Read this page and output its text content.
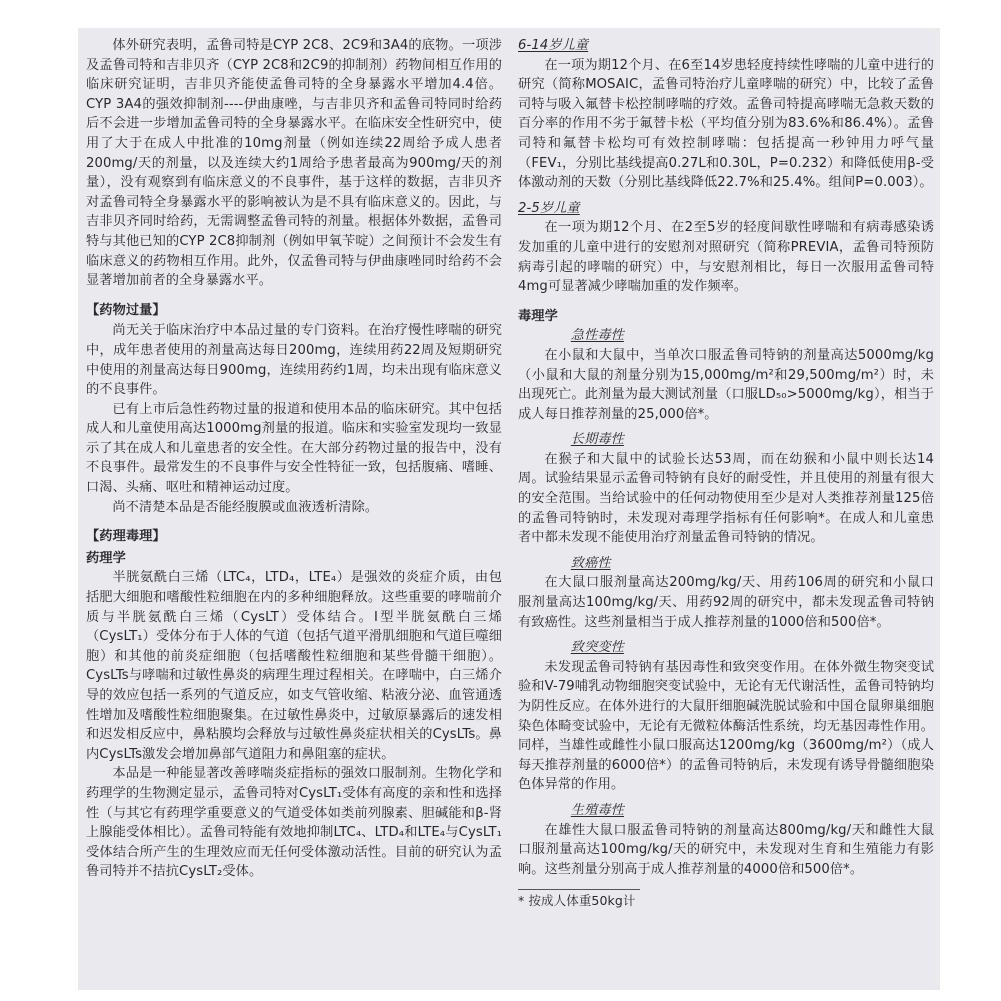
体外研究表明，孟鲁司特是CYP 2C8、2C9和3A4的底物。一项涉及孟鲁司特和吉非贝齐（CYP 2C8和2C9的抑制剂）药物间相互作用的临床研究证明，吉非贝齐能使孟鲁司特的全身暴露水平增加4.4倍。CYP 3A4的强效抑制剂----伊曲康唑，与吉非贝齐和孟鲁司特同时给药后不会进一步增加孟鲁司特的全身暴露水平。在临床安全性研究中，使用了大于在成人中批准的10mg剂量（例如连续22周给予成人患者200mg/天的剂量，以及连续大约1周给予患者最高为900mg/天的剂量），没有观察到有临床意义的不良事件，基于这样的数据，吉非贝齐对孟鲁司特全身暴露水平的影响被认为是不具有临床意义的。因此，与吉非贝齐同时给药，无需调整孟鲁司特的剂量。根据体外数据，孟鲁司特与其他已知的CYP 2C8抑制剂（例如甲氧苄啶）之间预计不会发生有临床意义的药物相互作用。此外，仅孟鲁司特与伊曲康唑同时给药不会显著增加前者的全身暴露水平。

【药物过量】

尚无关于临床治疗中本品过量的专门资料。在治疗慢性哮喘的研究中，成年患者使用的剂量高达每日200mg，连续用药22周及短期研究中使用的剂量高达每日900mg，连续用药约1周，均未出现有临床意义的不良事件。

已有上市后急性药物过量的报道和使用本品的临床研究。其中包括成人和儿童使用高达1000mg剂量的报道。临床和实验室发现均一致显示了其在成人和儿童患者的安全性。在大部分药物过量的报告中，没有不良事件。最常发生的不良事件与安全性特征一致，包括腹痛、嗜睡、口渴、头痛、呕吐和精神运动过度。

尚不清楚本品是否能经腹膜或血液透析清除。

【药理毒理】
药理学

半胱氨酰白三烯（LTC₄，LTD₄，LTE₄）是强效的炎症介质，由包括肥大细胞和嗜酸性粒细胞在内的多种细胞释放。这些重要的哮喘前介质与半胱氨酰白三烯（CysLT）受体结合。I型半胱氨酰白三烯（CysLT₁）受体分布于人体的气道（包括气道平滑肌细胞和气道巨噬细胞）和其他的前炎症细胞（包括嗜酸性粒细胞和某些骨髓干细胞）。CysLTs与哮喘和过敏性鼻炎的病理生理过程相关。在哮喘中，白三烯介导的效应包括一系列的气道反应，如支气管收缩、粘液分泌、血管通透性增加及嗜酸性粒细胞聚集。在过敏性鼻炎中，过敏原暴露后的速发相和迟发相反应中，鼻粘膜均会释放与过敏性鼻炎症状相关的CysLTs。鼻内CysLTs激发会增加鼻部气道阻力和鼻阻塞的症状。

本品是一种能显著改善哮喘炎症指标的强效口服制剂。生物化学和药理学的生物测定显示，孟鲁司特对CysLT₁受体有高度的亲和性和选择性（与其它有药理学重要意义的气道受体如类前列腺素、胆碱能和β-肾上腺能受体相比）。孟鲁司特能有效地抑制LTC₄、LTD₄和LTE₄与CysLT₁受体结合所产生的生理效应而无任何受体激动活性。目前的研究认为孟鲁司特并不拮抗CysLT₂受体。

6-14岁儿童

在一项为期12个月、在6至14岁患轻度持续性哮喘的儿童中进行的研究（简称MOSAIC，孟鲁司特治疗儿童哮喘的研究）中，比较了孟鲁司特与吸入氟替卡松控制哮喘的疗效。孟鲁司特提高哮喘无急救天数的百分率的作用不劣于氟替卡松（平均值分别为83.6%和86.4%）。孟鲁司特和氟替卡松均可有效控制哮喘：包括提高一秒钟用力呼气量（FEV₁，分别比基线提高0.27L和0.30L，P=0.232）和降低使用β-受体激动剂的天数（分别比基线降低22.7%和25.4%。组间P=0.003）。

2-5岁儿童

在一项为期12个月、在2至5岁的轻度间歇性哮喘和有病毒感染诱发加重的儿童中进行的安慰剂对照研究（简称PREVIA，孟鲁司特预防病毒引起的哮喘的研究）中，与安慰剂相比，每日一次服用孟鲁司特4mg可显著减少哮喘加重的发作频率。

毒理学

急性毒性

在小鼠和大鼠中，当单次口服孟鲁司特钠的剂量高达5000mg/kg（小鼠和大鼠的剂量分别为15,000mg/m²和29,500mg/m²）时，未出现死亡。此剂量为最大测试剂量（口服LD₅₀>5000mg/kg），相当于成人每日推荐剂量的25,000倍*。

长期毒性

在猴子和大鼠中的试验长达53周，而在幼猴和小鼠中则长达14周。试验结果显示孟鲁司特钠有良好的耐受性，并且使用的剂量有很大的安全范围。当给试验中的任何动物使用至少是对人类推荐剂量125倍的孟鲁司特钠时，未发现对毒理学指标有任何影响*。在成人和儿童患者中都未发现不能使用治疗剂量孟鲁司特钠的情况。

致癌性

在大鼠口服剂量高达200mg/kg/天、用药106周的研究和小鼠口服剂量高达100mg/kg/天、用药92周的研究中，都未发现孟鲁司特钠有致癌性。这些剂量相当于成人推荐剂量的1000倍和500倍*。

致突变性

未发现孟鲁司特钠有基因毒性和致突变作用。在体外微生物突变试验和V-79哺乳动物细胞突变试验中，无论有无代谢活性，孟鲁司特钠均为阴性反应。在体外进行的大鼠肝细胞碱洗脱试验和中国仓鼠卵巢细胞染色体畸变试验中，无论有无微粒体酶活性系统，均无基因毒性作用。同样，当雄性或雌性小鼠口服高达1200mg/kg（3600mg/m²）（成人每天推荐剂量的6000倍*）的孟鲁司特钠后，未发现有诱导骨髓细胞染色体异常的作用。

生殖毒性

在雄性大鼠口服孟鲁司特钠的剂量高达800mg/kg/天和雌性大鼠口服剂量高达100mg/kg/天的研究中，未发现对生育和生殖能力有影响。这些剂量分别高于成人推荐剂量的4000倍和500倍*。

* 按成人体重50kg计
